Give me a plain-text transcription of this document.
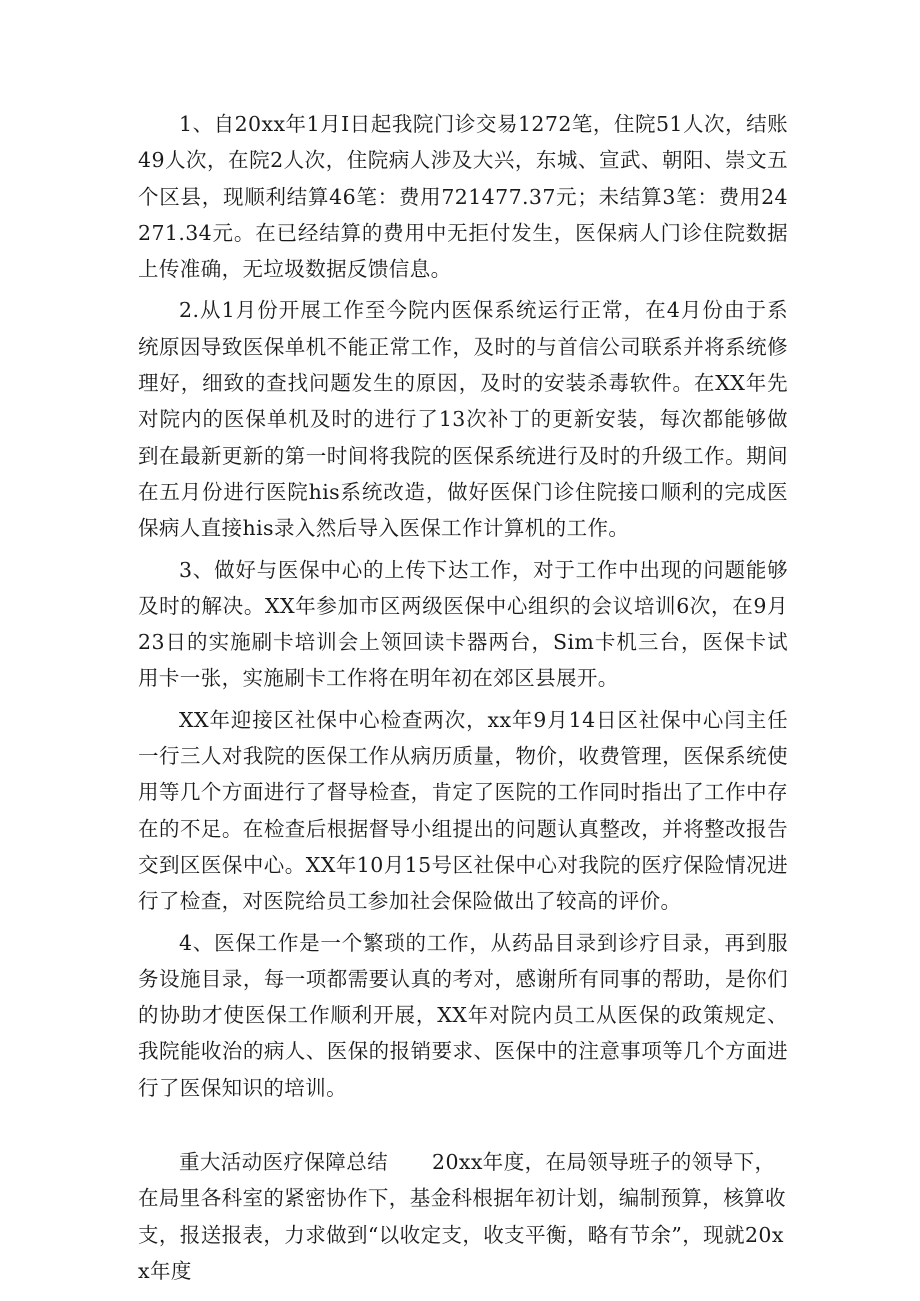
1、自20xx年1月I日起我院门诊交易1272笔，住院51人次，结账49人次，在院2人次，住院病人涉及大兴，东城、宣武、朝阳、崇文五个区县，现顺利结算46笔：费用721477.37元；未结算3笔：费用24271.34元。在已经结算的费用中无拒付发生，医保病人门诊住院数据上传准确，无垃圾数据反馈信息。

2.从1月份开展工作至今院内医保系统运行正常，在4月份由于系统原因导致医保单机不能正常工作，及时的与首信公司联系并将系统修理好，细致的查找问题发生的原因，及时的安装杀毒软件。在XX年先对院内的医保单机及时的进行了13次补丁的更新安装，每次都能够做到在最新更新的第一时间将我院的医保系统进行及时的升级工作。期间在五月份进行医院his系统改造，做好医保门诊住院接口顺利的完成医保病人直接his录入然后导入医保工作计算机的工作。

3、做好与医保中心的上传下达工作，对于工作中出现的问题能够及时的解决。XX年参加市区两级医保中心组织的会议培训6次，在9月23日的实施刷卡培训会上领回读卡器两台，Sim卡机三台，医保卡试用卡一张，实施刷卡工作将在明年初在郊区县展开。

XX年迎接区社保中心检查两次，xx年9月14日区社保中心闫主任一行三人对我院的医保工作从病历质量，物价，收费管理，医保系统使用等几个方面进行了督导检查，肯定了医院的工作同时指出了工作中存在的不足。在检查后根据督导小组提出的问题认真整改，并将整改报告交到区医保中心。XX年10月15号区社保中心对我院的医疗保险情况进行了检查，对医院给员工参加社会保险做出了较高的评价。

4、医保工作是一个繁琐的工作，从药品目录到诊疗目录，再到服务设施目录，每一项都需要认真的考对，感谢所有同事的帮助，是你们的协助才使医保工作顺利开展，XX年对院内员工从医保的政策规定、我院能收治的病人、医保的报销要求、医保中的注意事项等几个方面进行了医保知识的培训。

重大活动医疗保障总结 20xx年度，在局领导班子的领导下，

在局里各科室的紧密协作下，基金科根据年初计划，编制预算，核算收支，报送报表，力求做到“以收定支，收支平衡，略有节余”，现就20xx年度
